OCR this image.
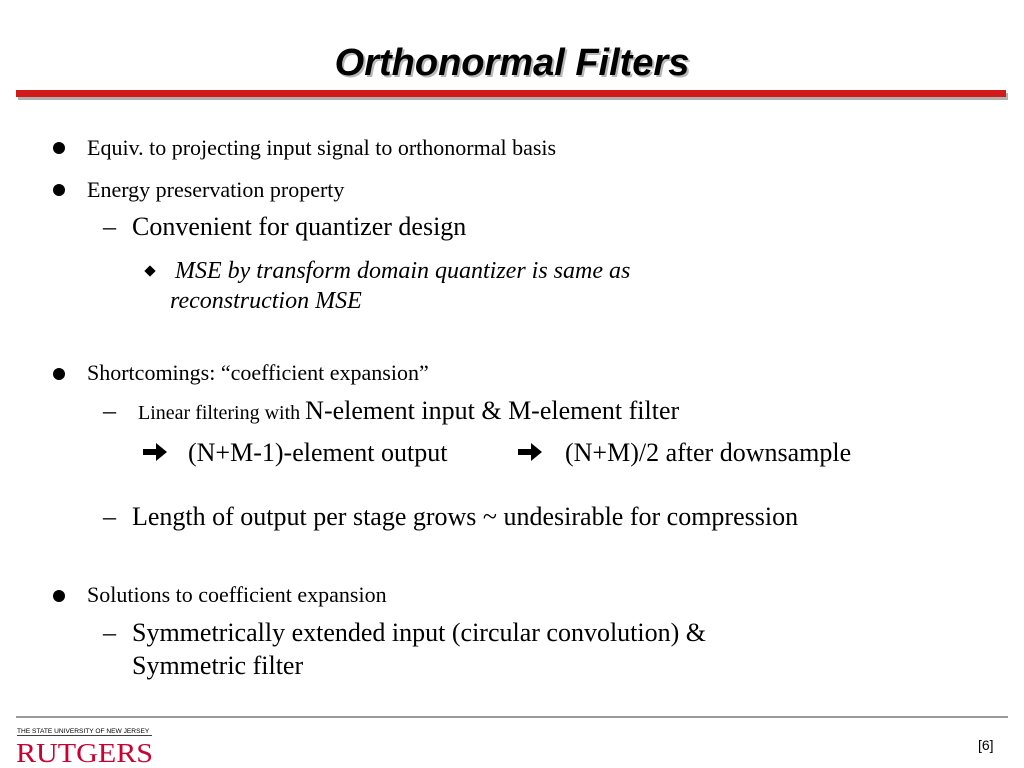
Orthonormal Filters
Equiv. to projecting input signal to orthonormal basis
Energy preservation property
– Convenient for quantizer design
MSE by transform domain quantizer is same as
reconstruction MSE
Shortcomings: “coefficient expansion”
– Linear filtering with N-element input & M-element filter
(N+M-1)-element output	(N+M)/2 after downsample
– Length of output per stage grows ~ undesirable for compression
Solutions to coefficient expansion
– Symmetrically extended input (circular convolution) &
Symmetric filter
THE STATE UNIVERSITY OF NEW JERSEY
RUTGERS	[6]
